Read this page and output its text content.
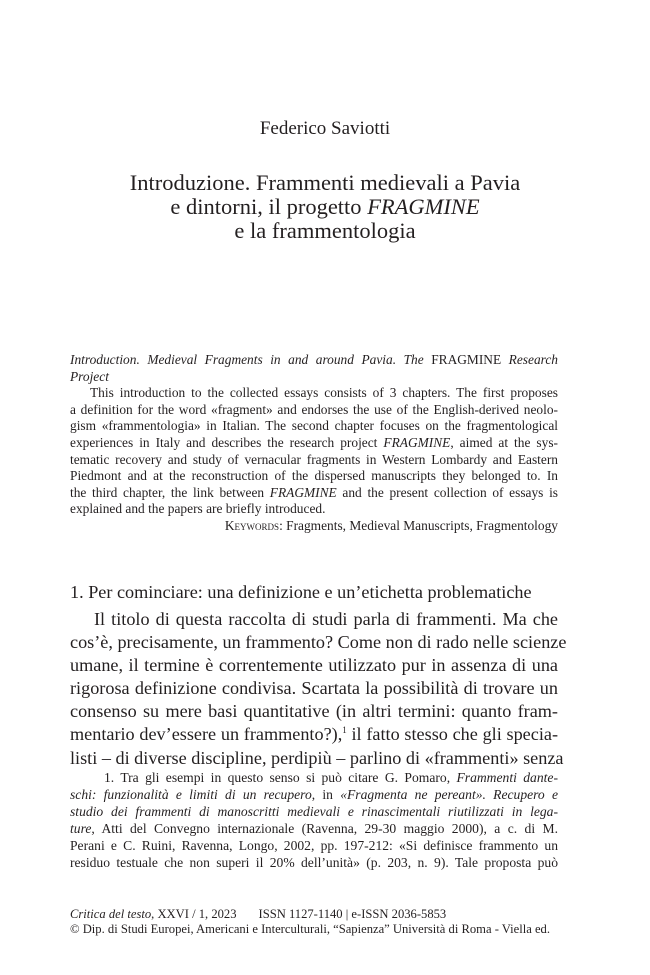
Federico Saviotti
Introduzione. Frammenti medievali a Pavia
e dintorni, il progetto FRAGMINE
e la frammentologia
Introduction. Medieval Fragments in and around Pavia. The FRAGMINE Research
Project
This introduction to the collected essays consists of 3 chapters. The first proposes
a definition for the word «fragment» and endorses the use of the English-derived neolo-
gism «frammentologia» in Italian. The second chapter focuses on the fragmentological
experiences in Italy and describes the research project FRAGMINE, aimed at the sys-
tematic recovery and study of vernacular fragments in Western Lombardy and Eastern
Piedmont and at the reconstruction of the dispersed manuscripts they belonged to. In
the third chapter, the link between FRAGMINE and the present collection of essays is
explained and the papers are briefly introduced.
Keywords: Fragments, Medieval Manuscripts, Fragmentology
1. Per cominciare: una definizione e un’etichetta problematiche
Il titolo di questa raccolta di studi parla di frammenti. Ma che
cos’è, precisamente, un frammento? Come non di rado nelle scienze
umane, il termine è correntemente utilizzato pur in assenza di una
rigorosa definizione condivisa. Scartata la possibilità di trovare un
consenso su mere basi quantitative (in altri termini: quanto fram-
mentario dev’essere un frammento?),$^1$ il fatto stesso che gli specia-
listi – di diverse discipline, perdipiù – parlino di «frammenti» senza
1. Tra gli esempi in questo senso si può citare G. Pomaro, Frammenti dante-
schi: funzionalità e limiti di un recupero, in «Fragmenta ne pereant». Recupero e
studio dei frammenti di manoscritti medievali e rinascimentali riutilizzati in lega-
ture, Atti del Convegno internazionale (Ravenna, 29-30 maggio 2000), a c. di M.
Perani e C. Ruini, Ravenna, Longo, 2002, pp. 197-212: «Si definisce frammento un
residuo testuale che non superi il 20% dell’unità» (p. 203, n. 9). Tale proposta può
Critica del testo, XXVI / 1, 2023 ISSN 1127-1140 | e-ISSN 2036-5853
© Dip. di Studi Europei, Americani e Interculturali, “Sapienza” Università di Roma - Viella ed.
